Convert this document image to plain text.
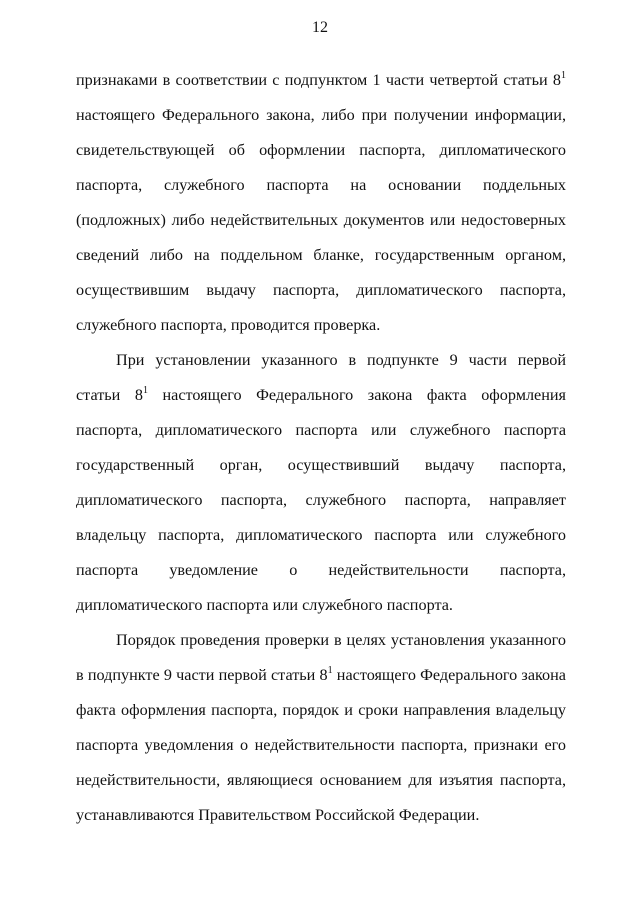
12

признаками в соответствии с подпунктом 1 части четвертой статьи $8^1$ настоящего Федерального закона, либо при получении информации, свидетельствующей об оформлении паспорта, дипломатического паспорта, служебного паспорта на основании поддельных (подложных) либо недействительных документов или недостоверных сведений либо на поддельном бланке, государственным органом, осуществившим выдачу паспорта, дипломатического паспорта, служебного паспорта, проводится проверка.

При установлении указанного в подпункте 9 части первой статьи $8^1$ настоящего Федерального закона факта оформления паспорта, дипломатического паспорта или служебного паспорта государственный орган, осуществивший выдачу паспорта, дипломатического паспорта, служебного паспорта, направляет владельцу паспорта, дипломатического паспорта или служебного паспорта уведомление о недействительности паспорта, дипломатического паспорта или служебного паспорта.

Порядок проведения проверки в целях установления указанного в подпункте 9 части первой статьи $8^1$ настоящего Федерального закона факта оформления паспорта, порядок и сроки направления владельцу паспорта уведомления о недействительности паспорта, признаки его недействительности, являющиеся основанием для изъятия паспорта, устанавливаются Правительством Российской Федерации.
